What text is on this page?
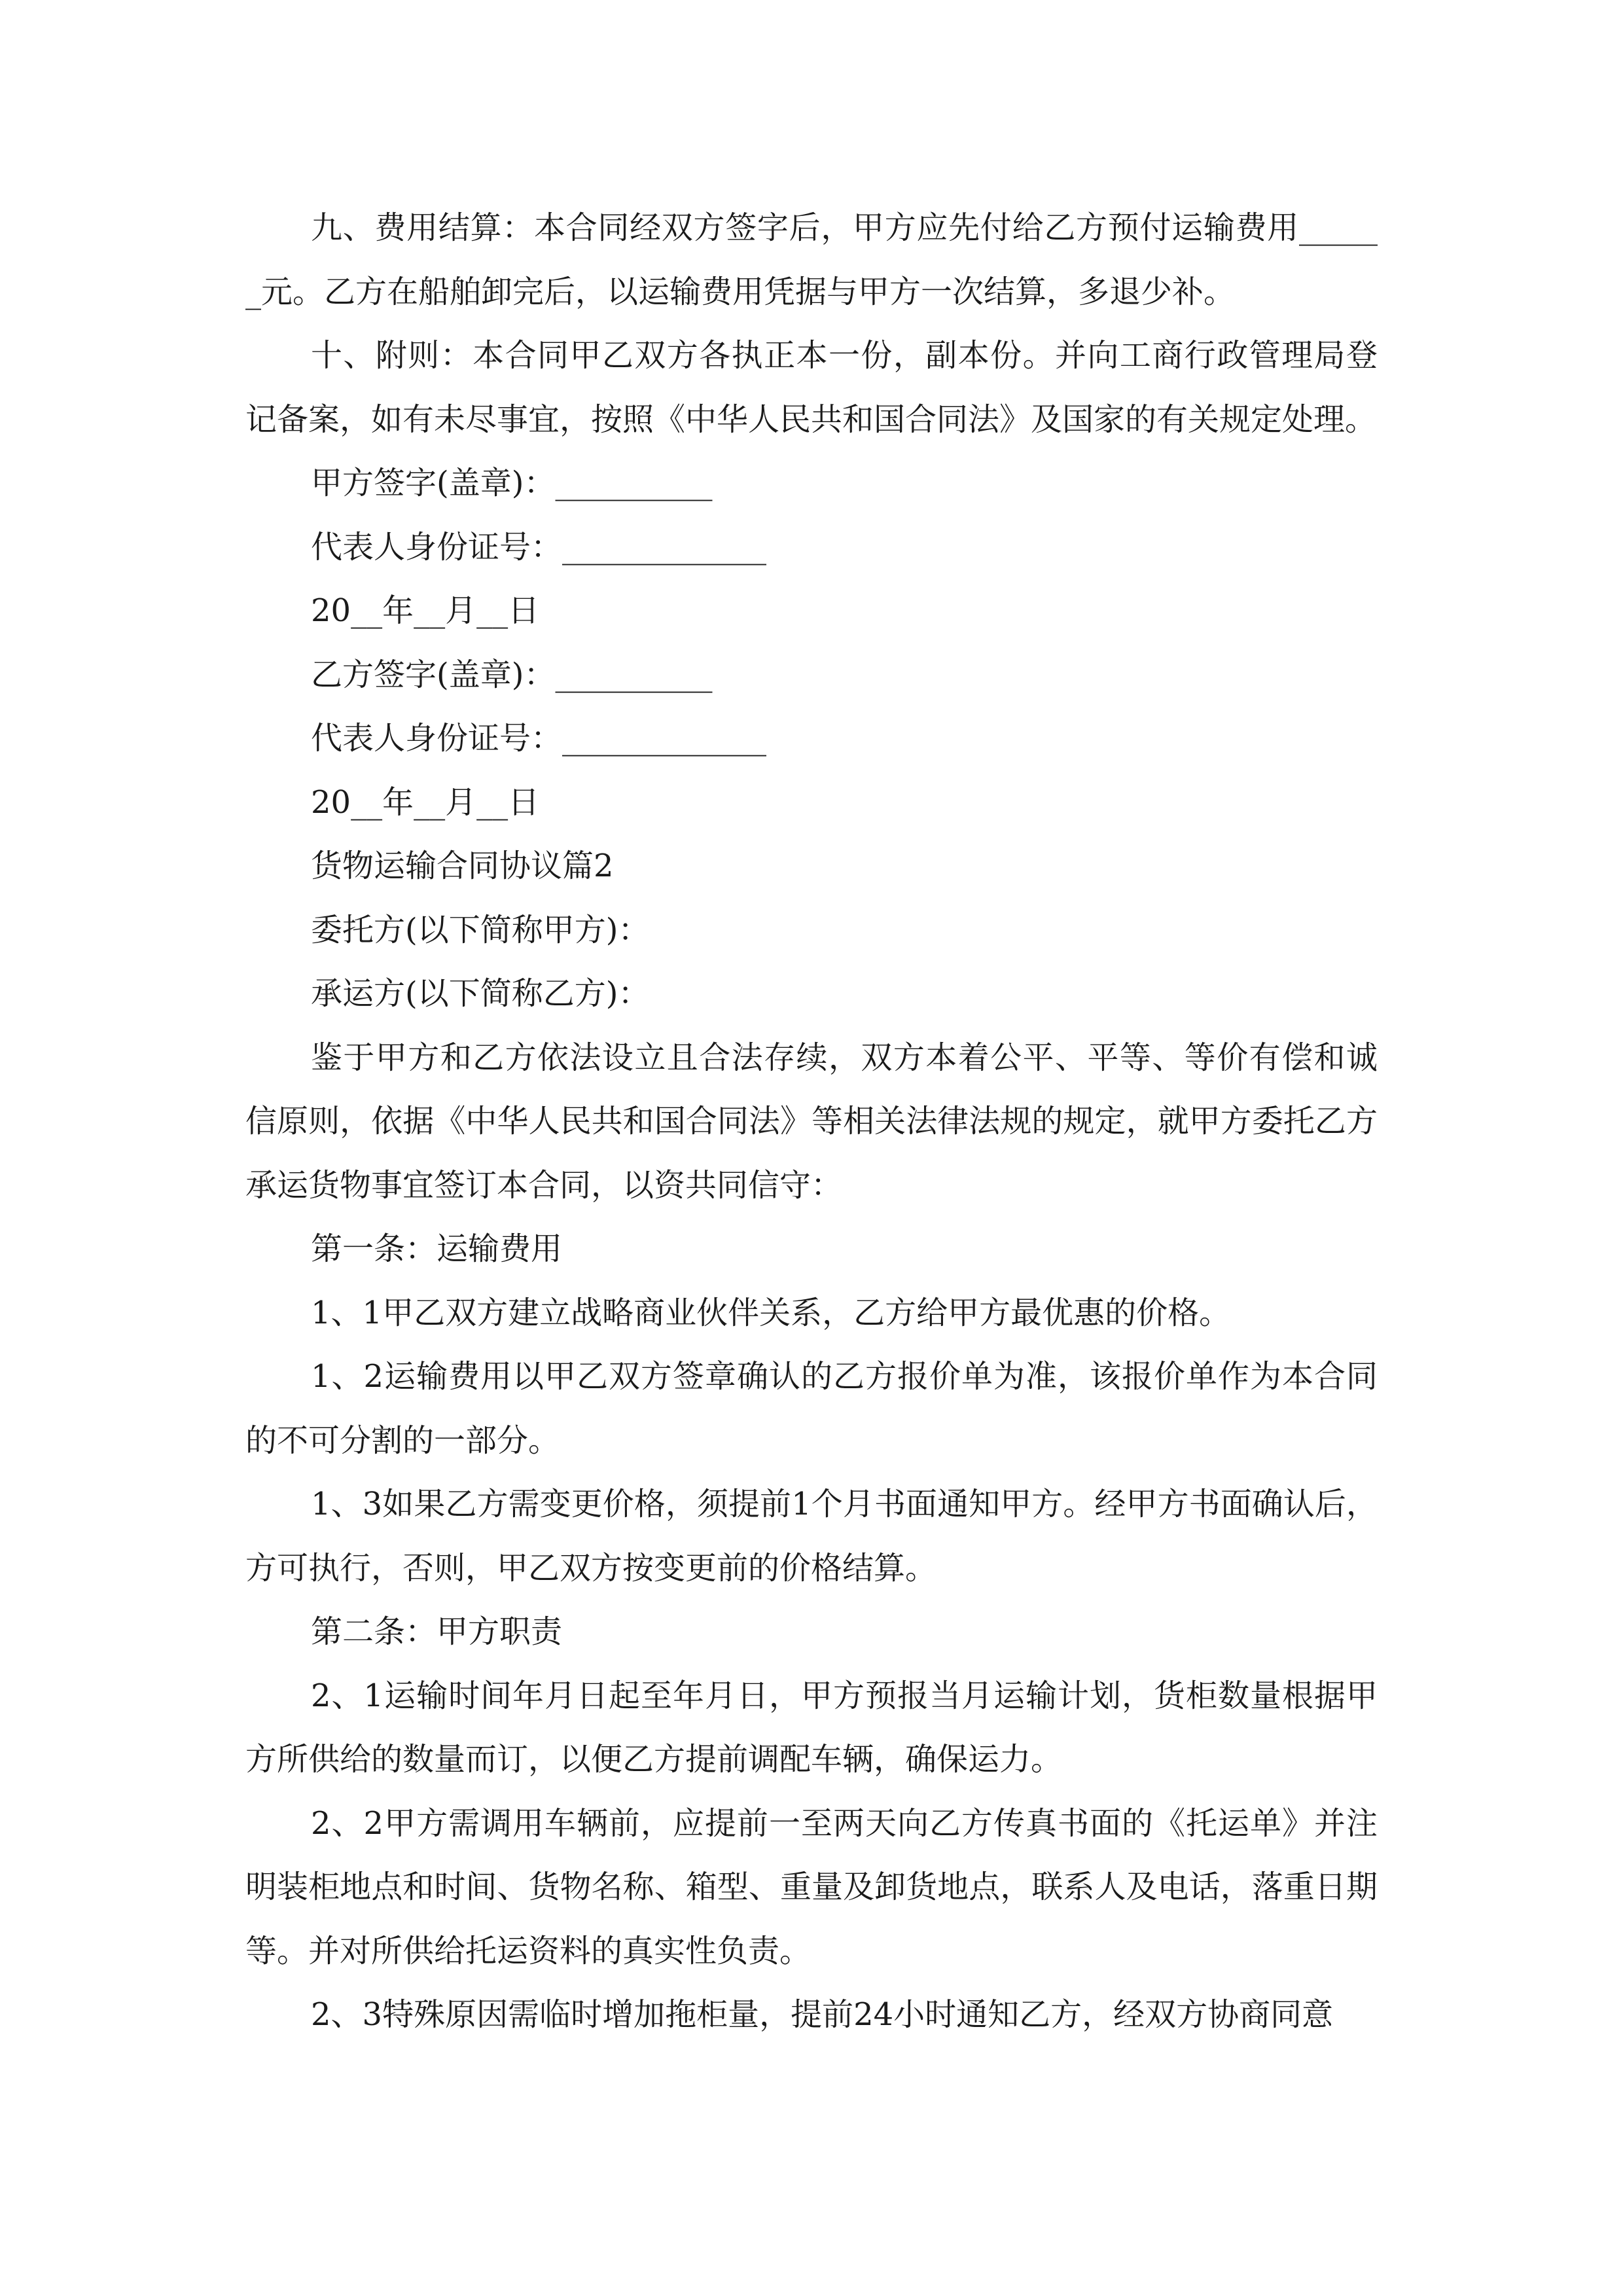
九、费用结算：本合同经双方签字后，甲方应先付给乙方预付运输费用______元。乙方在船舶卸完后，以运输费用凭据与甲方一次结算，多退少补。

十、附则：本合同甲乙双方各执正本一份，副本份。并向工商行政管理局登记备案，如有未尽事宜，按照《中华人民共和国合同法》及国家的有关规定处理。

甲方签字(盖章)：__________

代表人身份证号：_____________

20__年__月__日

乙方签字(盖章)：__________

代表人身份证号：_____________

20__年__月__日

货物运输合同协议篇2

委托方(以下简称甲方)：

承运方(以下简称乙方)：

鉴于甲方和乙方依法设立且合法存续，双方本着公平、平等、等价有偿和诚信原则，依据《中华人民共和国合同法》等相关法律法规的规定，就甲方委托乙方承运货物事宜签订本合同，以资共同信守：

第一条：运输费用

1、1甲乙双方建立战略商业伙伴关系，乙方给甲方最优惠的价格。

1、2运输费用以甲乙双方签章确认的乙方报价单为准，该报价单作为本合同的不可分割的一部分。

1、3如果乙方需变更价格，须提前1个月书面通知甲方。经甲方书面确认后，方可执行，否则，甲乙双方按变更前的价格结算。

第二条：甲方职责

2、1运输时间年月日起至年月日，甲方预报当月运输计划，货柜数量根据甲方所供给的数量而订，以便乙方提前调配车辆，确保运力。

2、2甲方需调用车辆前，应提前一至两天向乙方传真书面的《托运单》并注明装柜地点和时间、货物名称、箱型、重量及卸货地点，联系人及电话，落重日期等。并对所供给托运资料的真实性负责。

2、3特殊原因需临时增加拖柜量，提前24小时通知乙方，经双方协商同意
